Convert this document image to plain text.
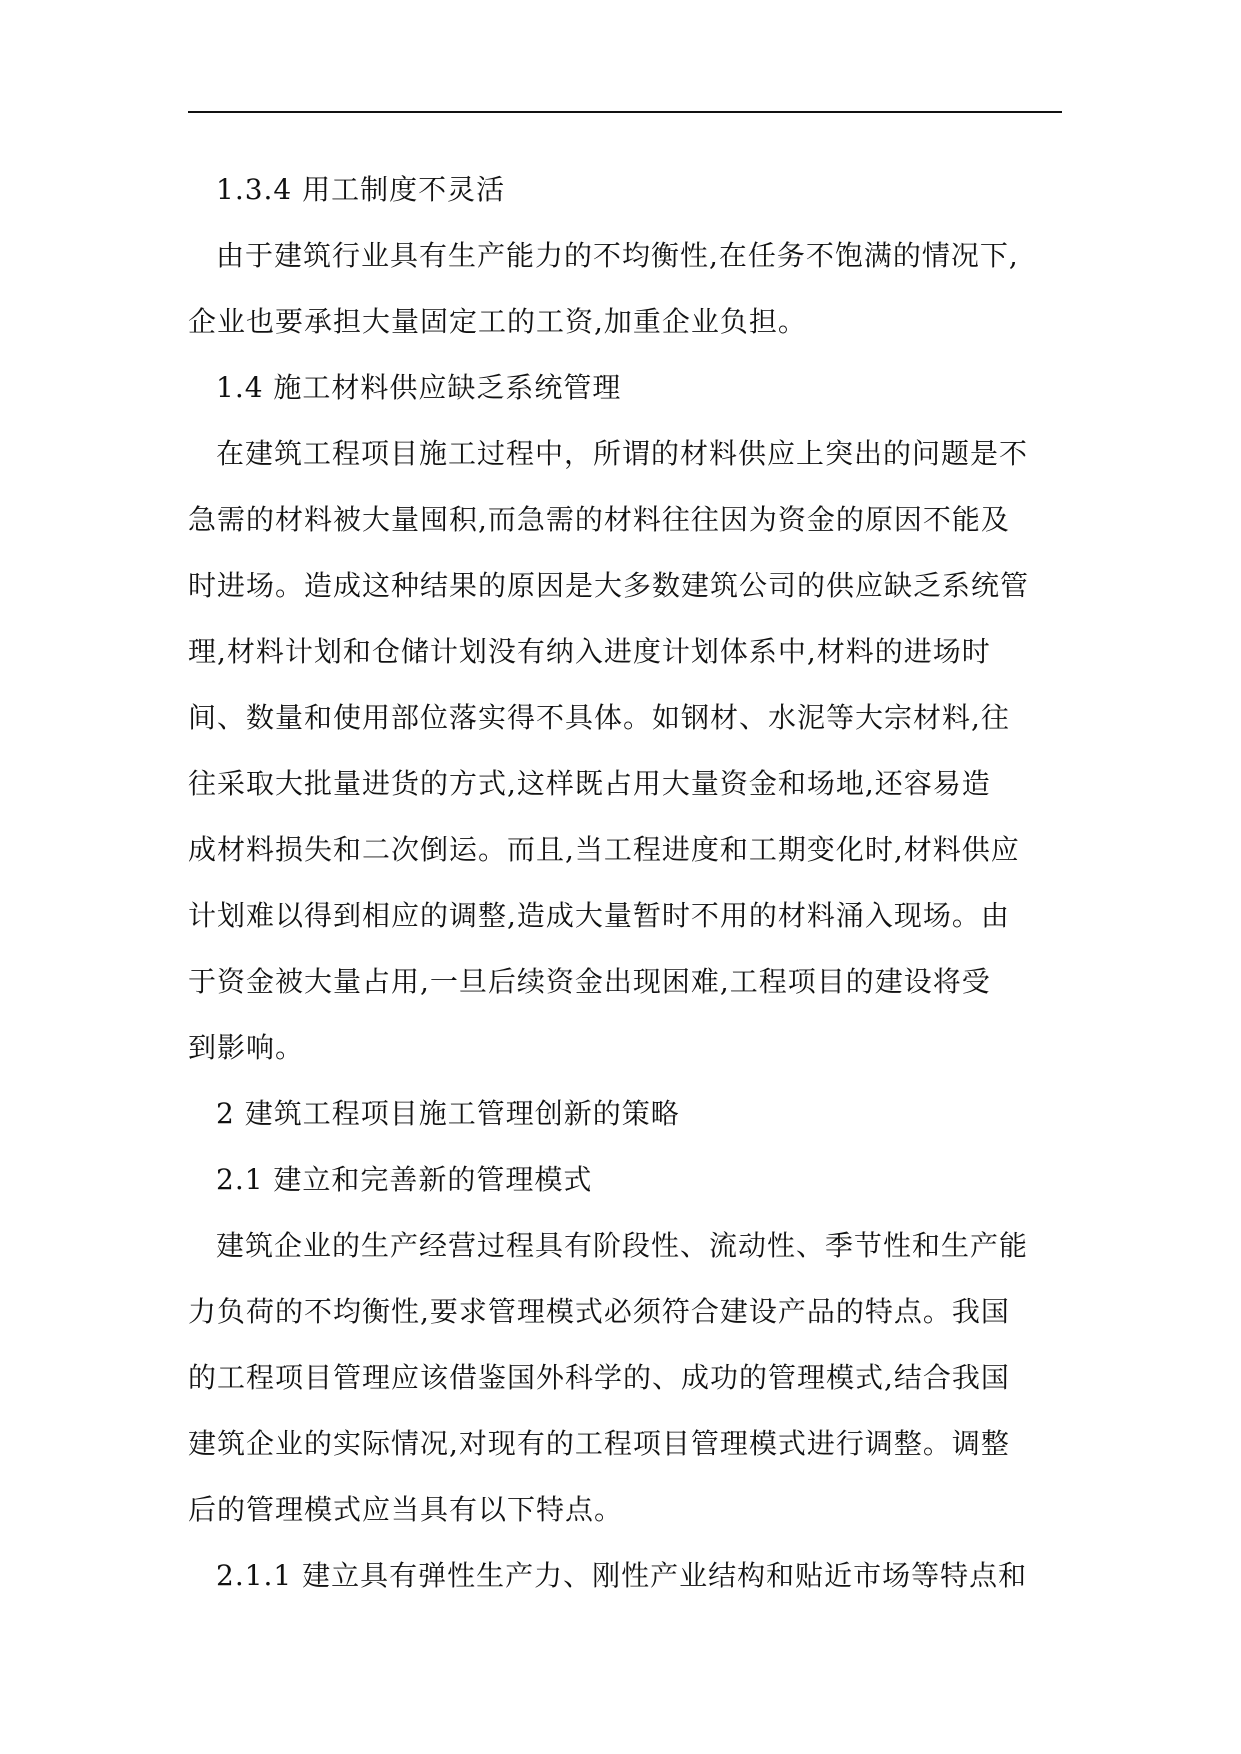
1.3.4 用工制度不灵活
由于建筑行业具有生产能力的不均衡性,在任务不饱满的情况下,
企业也要承担大量固定工的工资,加重企业负担。
1.4 施工材料供应缺乏系统管理
在建筑工程项目施工过程中，所谓的材料供应上突出的问题是不
急需的材料被大量囤积,而急需的材料往往因为资金的原因不能及
时进场。造成这种结果的原因是大多数建筑公司的供应缺乏系统管
理,材料计划和仓储计划没有纳入进度计划体系中,材料的进场时
间、数量和使用部位落实得不具体。如钢材、水泥等大宗材料,往
往采取大批量进货的方式,这样既占用大量资金和场地,还容易造
成材料损失和二次倒运。而且,当工程进度和工期变化时,材料供应
计划难以得到相应的调整,造成大量暂时不用的材料涌入现场。由
于资金被大量占用,一旦后续资金出现困难,工程项目的建设将受
到影响。
2 建筑工程项目施工管理创新的策略
2.1 建立和完善新的管理模式
建筑企业的生产经营过程具有阶段性、流动性、季节性和生产能
力负荷的不均衡性,要求管理模式必须符合建设产品的特点。我国
的工程项目管理应该借鉴国外科学的、成功的管理模式,结合我国
建筑企业的实际情况,对现有的工程项目管理模式进行调整。调整
后的管理模式应当具有以下特点。
2.1.1 建立具有弹性生产力、刚性产业结构和贴近市场等特点和
